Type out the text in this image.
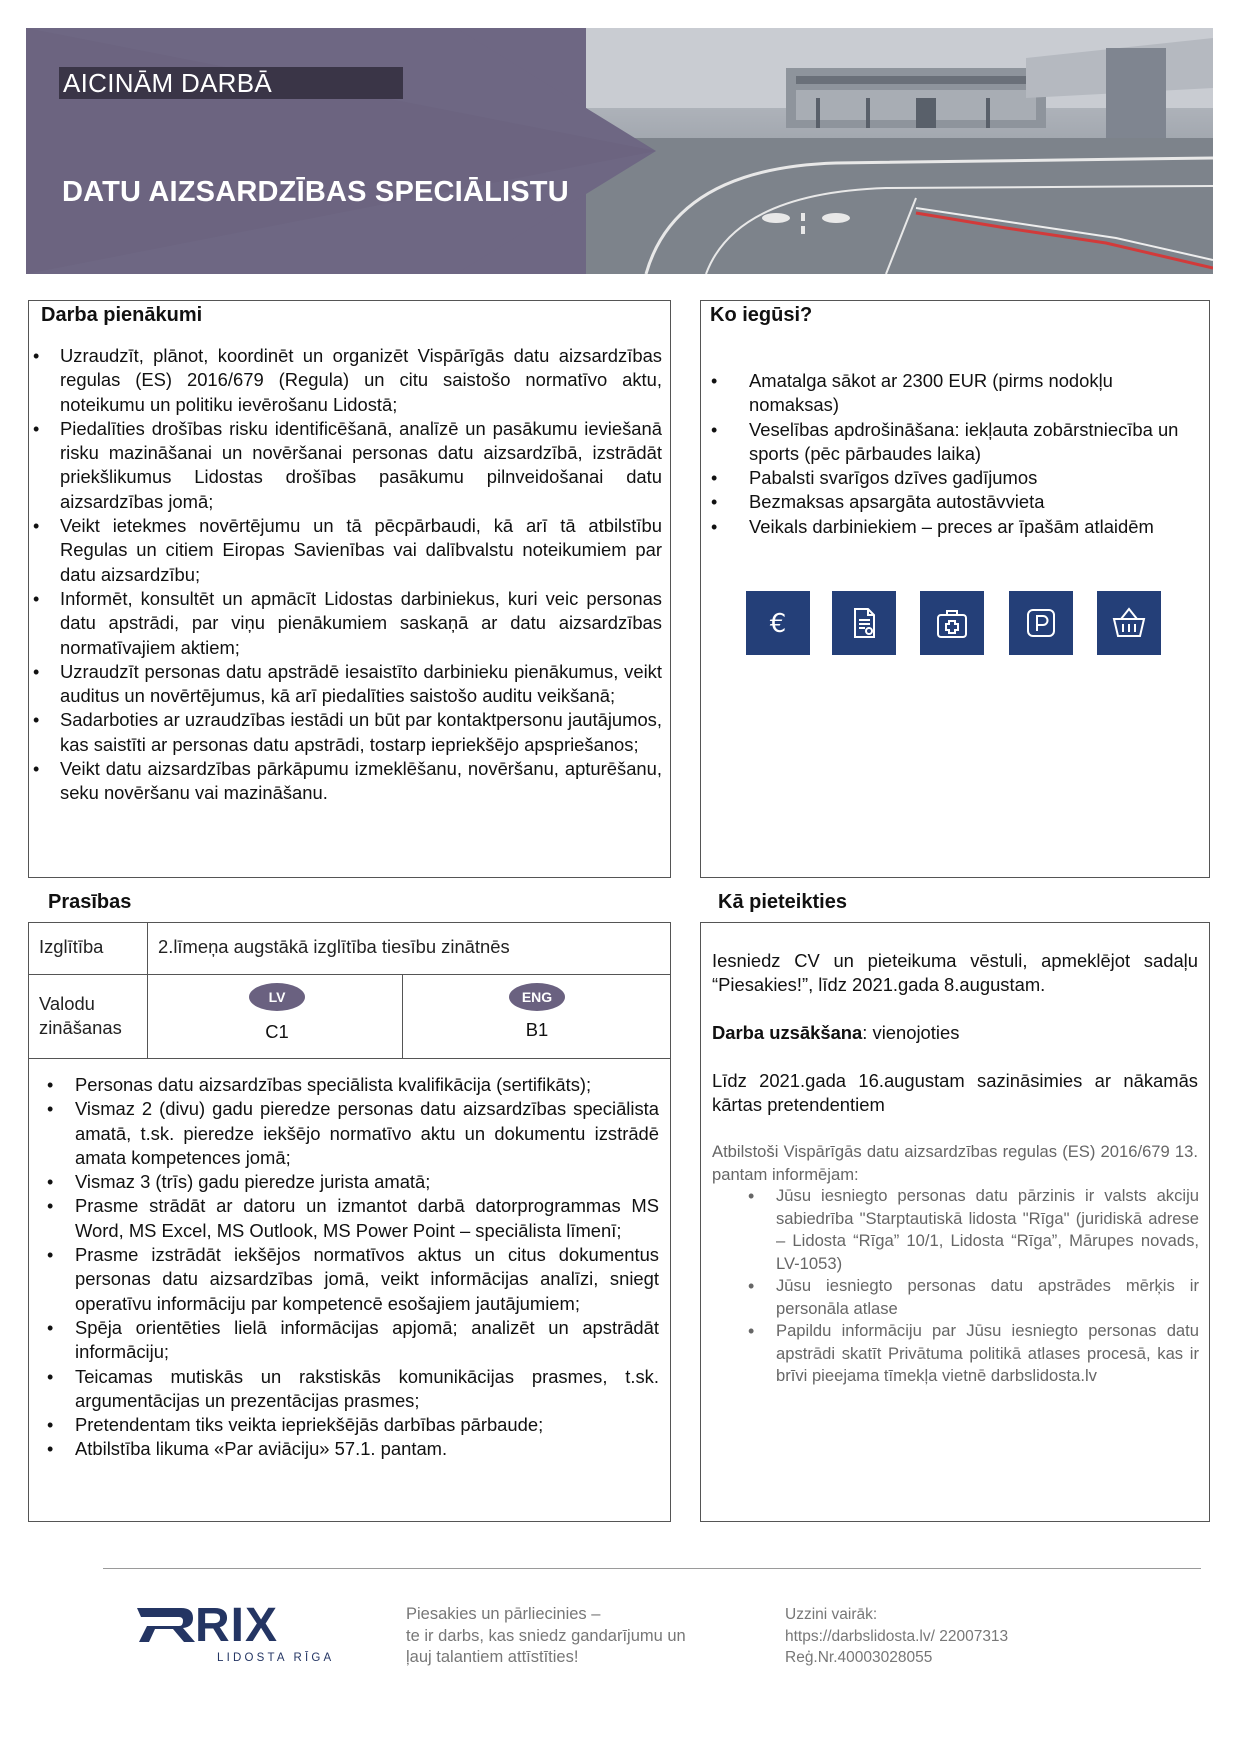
AICINĀM DARBĀ
DATU AIZSARDZĪBAS SPECIĀLISTU
Darba pienākumi
• Uzraudzīt, plānot, koordinēt un organizēt Vispārīgās datu aizsardzības regulas (ES) 2016/679 (Regula) un citu saistošo normatīvo aktu, noteikumu un politiku ievērošanu Lidostā;
• Piedalīties drošības risku identificēšanā, analīzē un pasākumu ieviešanā risku mazināšanai un novēršanai personas datu aizsardzībā, izstrādāt priekšlikumus Lidostas drošības pasākumu pilnveidošanai datu aizsardzības jomā;
• Veikt ietekmes novērtējumu un tā pēcpārbaudi, kā arī tā atbilstību Regulas un citiem Eiropas Savienības vai dalībvalstu noteikumiem par datu aizsardzību;
• Informēt, konsultēt un apmācīt Lidostas darbiniekus, kuri veic personas datu apstrādi, par viņu pienākumiem saskaņā ar datu aizsardzības normatīvajiem aktiem;
• Uzraudzīt personas datu apstrādē iesaistīto darbinieku pienākumus, veikt auditus un novērtējumus, kā arī piedalīties saistošo auditu veikšanā;
• Sadarboties ar uzraudzības iestādi un būt par kontaktpersonu jautājumos, kas saistīti ar personas datu apstrādi, tostarp iepriekšējo apspriešanos;
• Veikt datu aizsardzības pārkāpumu izmeklēšanu, novēršanu, apturēšanu, seku novēršanu vai mazināšanu.
Ko iegūsi?
• Amatalga sākot ar 2300 EUR (pirms nodokļu nomaksas)
• Veselības apdrošināšana: iekļauta zobārstniecība un sports (pēc pārbaudes laika)
• Pabalsti svarīgos dzīves gadījumos
• Bezmaksas apsargāta autostāvvieta
• Veikals darbiniekiem – preces ar īpašām atlaidēm
€
Prasības	Kā pieteikties
Izglītība	2.līmeņa augstākā izglītība tiesību zinātnēs
Valodu zināšanas
LV
C1
ENG
B1
• Personas datu aizsardzības speciālista kvalifikācija (sertifikāts);
• Vismaz 2 (divu) gadu pieredze personas datu aizsardzības speciālista amatā, t.sk. pieredze iekšējo normatīvo aktu un dokumentu izstrādē amata kompetences jomā;
• Vismaz 3 (trīs) gadu pieredze jurista amatā;
• Prasme strādāt ar datoru un izmantot darbā datorprogrammas MS Word, MS Excel, MS Outlook, MS Power Point – speciālista līmenī;
• Prasme izstrādāt iekšējos normatīvos aktus un citus dokumentus personas datu aizsardzības jomā, veikt informācijas analīzi, sniegt operatīvu informāciju par kompetencē esošajiem jautājumiem;
• Spēja orientēties lielā informācijas apjomā; analizēt un apstrādāt informāciju;
• Teicamas mutiskās un rakstiskās komunikācijas prasmes, t.sk. argumentācijas un prezentācijas prasmes;
• Pretendentam tiks veikta iepriekšējās darbības pārbaude;
• Atbilstība likuma «Par aviāciju» 57.1. pantam.
Iesniedz CV un pieteikuma vēstuli, apmeklējot sadaļu “Piesakies!”, līdz 2021.gada 8.augustam.
Darba uzsākšana: vienojoties
Līdz 2021.gada 16.augustam sazināsimies ar nākamās kārtas pretendentiem
Atbilstoši Vispārīgās datu aizsardzības regulas (ES) 2016/679 13. pantam informējam:
• Jūsu iesniegto personas datu pārzinis ir valsts akciju sabiedrība "Starptautiskā lidosta "Rīga" (juridiskā adrese – Lidosta “Rīga” 10/1, Lidosta “Rīga”, Mārupes novads, LV-1053)
• Jūsu iesniegto personas datu apstrādes mērķis ir personāla atlase
• Papildu informāciju par Jūsu iesniegto personas datu apstrādi skatīt Privātuma politikā atlases procesā, kas ir brīvi pieejama tīmekļa vietnē darbslidosta.lv
RIX
LIDOSTA RĪGA
Piesakies un pārliecinies –
te ir darbs, kas sniedz gandarījumu un
ļauj talantiem attīstīties!
Uzzini vairāk:
https://darbslidosta.lv/ 22007313
Reģ.Nr.40003028055
